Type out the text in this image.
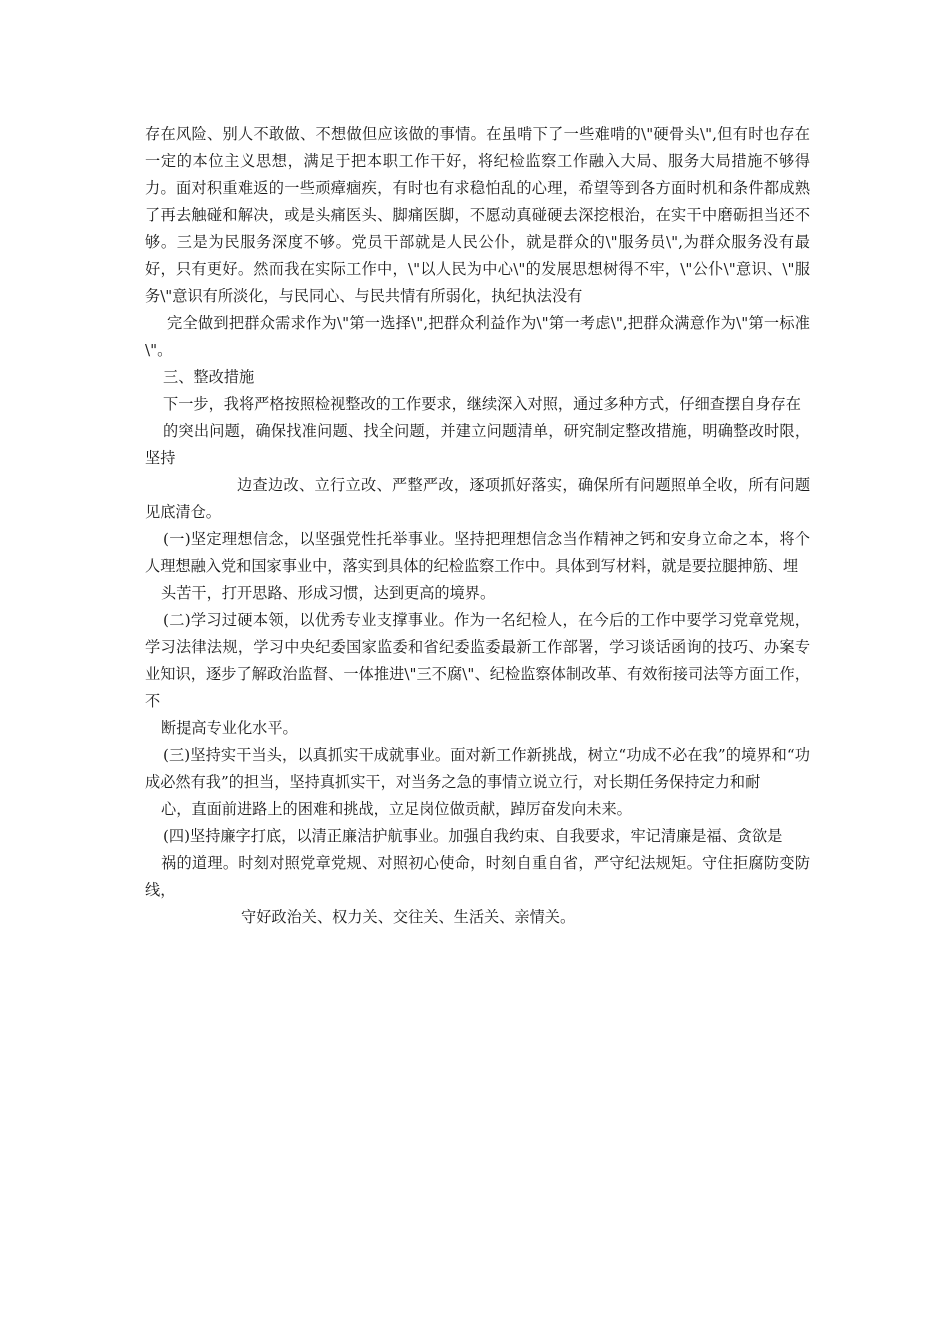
存在风险、别人不敢做、不想做但应该做的事情。在虽啃下了一些难啃的\"硬骨头\",但有时也存在一定的本位主义思想，满足于把本职工作干好，将纪检监察工作融入大局、服务大局措施不够得力。面对积重难返的一些顽瘴痼疾，有时也有求稳怕乱的心理，希望等到各方面时机和条件都成熟了再去触碰和解决，或是头痛医头、脚痛医脚，不愿动真碰硬去深挖根治，在实干中磨砺担当还不够。三是为民服务深度不够。党员干部就是人民公仆，就是群众的\"服务员\",为群众服务没有最好，只有更好。然而我在实际工作中，\"以人民为中心\"的发展思想树得不牢，\"公仆\"意识、\"服务\"意识有所淡化，与民同心、与民共情有所弱化，执纪执法没有

完全做到把群众需求作为\"第一选择\",把群众利益作为\"第一考虑\",把群众满意作为\"第一标准\"。

三、整改措施

下一步，我将严格按照检视整改的工作要求，继续深入对照，通过多种方式，仔细查摆自身存在

的突出问题，确保找准问题、找全问题，并建立问题清单，研究制定整改措施，明确整改时限，坚持

边查边改、立行立改、严整严改，逐项抓好落实，确保所有问题照单全收，所有问题见底清仓。

(一)坚定理想信念，以坚强党性托举事业。坚持把理想信念当作精神之钙和安身立命之本，将个人理想融入党和国家事业中，落实到具体的纪检监察工作中。具体到写材料，就是要拉腿抻筋、埋

头苦干，打开思路、形成习惯，达到更高的境界。

(二)学习过硬本领，以优秀专业支撑事业。作为一名纪检人，在今后的工作中要学习党章党规，学习法律法规，学习中央纪委国家监委和省纪委监委最新工作部署，学习谈话函询的技巧、办案专业知识，逐步了解政治监督、一体推进\"三不腐\"、纪检监察体制改革、有效衔接司法等方面工作，不

断提高专业化水平。

(三)坚持实干当头，以真抓实干成就事业。面对新工作新挑战，树立“功成不必在我”的境界和“功成必然有我”的担当，坚持真抓实干，对当务之急的事情立说立行，对长期任务保持定力和耐

心，直面前进路上的困难和挑战，立足岗位做贡献，踔厉奋发向未来。

(四)坚持廉字打底，以清正廉洁护航事业。加强自我约束、自我要求，牢记清廉是福、贪欲是

祸的道理。时刻对照党章党规、对照初心使命，时刻自重自省，严守纪法规矩。守住拒腐防变防线，

守好政治关、权力关、交往关、生活关、亲情关。
